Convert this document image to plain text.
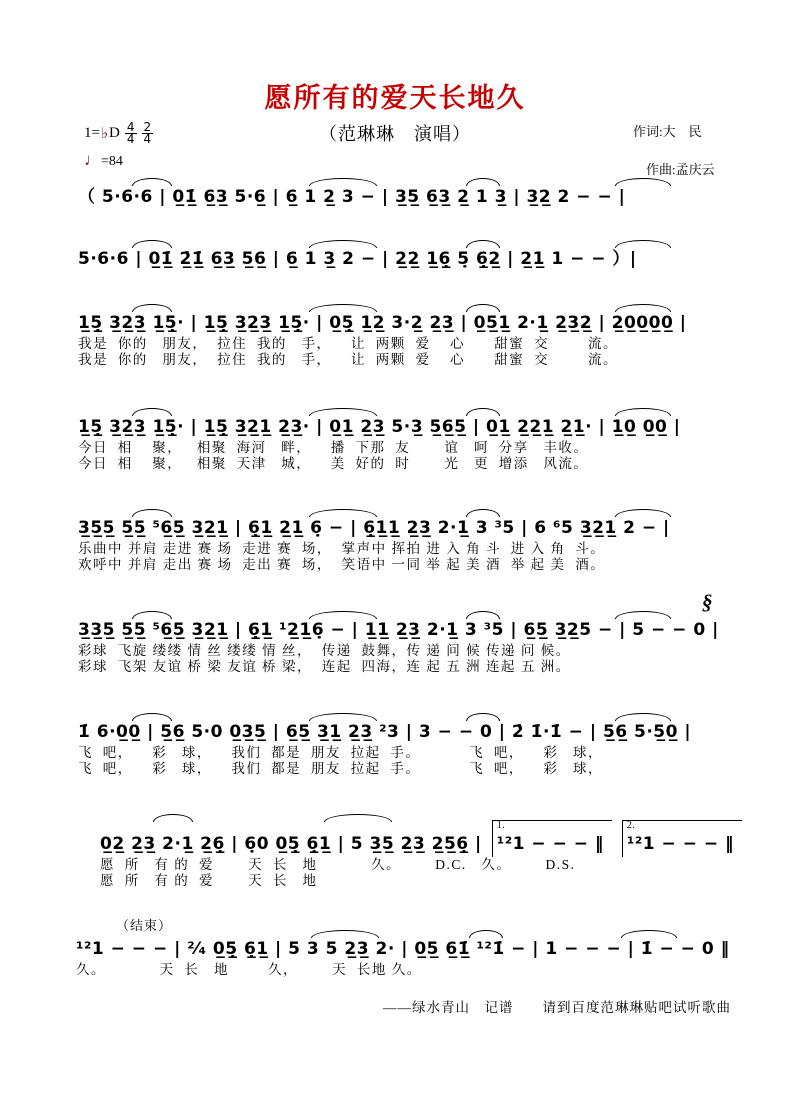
愿所有的爱天长地久
（范琳琳　演唱）	作词:大　民

作曲:孟庆云

1= ♭ D $\frac{4}{4} \frac{2}{4}$
♩=84
（ 5·6·6 | 0̲1̲̇ 6̲3̲ 5·6̲ | 6̲ 1 2̲ 3 − | 3̲5̲ 6̲3̲ 2̲ 1 3̲ | 3̲2̲ 2 − − |
5·6·6 | 0̲1̲̇ 2̲̇1̲̇ 6̲3̲ 5̲6̲ | 6̲ 1 3̲ 2 − | 2̲2̲ 1̲6̣̲ 5̣ 6̣̲2̲ | 2̲1̲ 1 − − ）|
1̲5̣̲ 3̲2̲3̲ 1̲5̣̲· | 1̲5̣̲ 3̲2̲3̲ 1̲5̣̲· | 0̲5̣̲ 1̲2̲ 3·2̲ 2̲3̲ | 0̲5̲1̲ 2·1̲ 2̲3̲2̲ | 2̲0̲0̲0̲0̲ |
我是  你的   朋友，  拉住  我的   手，    让  两颗  爱    心      甜蜜  交        流。
我是  你的   朋友，  拉住  我的   手，    让  两颗  爱    心      甜蜜  交        流。
1̲5̣̲ 3̲2̲3̲ 1̲5̣̲· | 1̲5̣̲ 3̲2̲1̲ 2̲3̲· | 0̲1̲ 2̲3̲ 5·3̲ 5̲6̲5̲ | 0̲1̲ 2̲2̲1̲ 2̲1̲· | 1̲0̲ 0̲0̲ |
今日  相    聚，   相聚  海河   畔，    播  下那  友       谊   呵  分享   丰收。
今日  相    聚，   相聚  天津   城，    美  好的  时       光   更  增添   风流。
3̲5̲5̲ 5̲5̲ ⁵6̲5̲ 3̲2̲1̲ | 6̣̲1̲ 2̲1̲ 6̣ − | 6̣̲1̲1̲ 2̲3̲ 2·1̲ 3 ³5 | 6 ⁶5 3̲2̲1̲ 2 − |
乐曲中 并肩 走进 赛 场  走进 赛  场，  掌声中 挥拍 进 入 角 斗  进 入 角  斗。
欢呼中 并肩 走出 赛 场  走出 赛  场，  笑语中 一同 举 起 美 酒  举 起 美  酒。
3̲3̲5̲ 5̲5̲ ⁵6̲5̲ 3̲2̲1̲ | 6̣̲1̲ ¹2̲1̲6̣ − | 1̲1̲ 2̲3̲ 2·1̲ 3 ³5 | 6̲5̲ 3̲2̲5 − | 5 − − 0 |
彩球  飞旋 缕缕 情 丝 缕缕 情 丝，  传递  鼓舞，传 递 问 候 传递 问 候。
彩球  飞架 友谊 桥 梁 友谊 桥 梁，  连起  四海，连 起 五 洲 连起 五 洲。
1̇ 6·0̲0̲ | 5̲6̲ 5·0 0̲3̲5̲ | 6̲5̲ 3̲1̲ 2̲3̲ ²3 | 3 − − 0 | 2̇ 1̇·1̇ − | 5̲6̲ 5·5̲0̲ |
飞  吧，    彩   球，    我们  都是  朋友  拉起  手。          飞  吧，    彩   球，
飞  吧，    彩   球，    我们  都是  朋友  拉起  手。          飞  吧，    彩   球，
0̲2̲ 2̲3̲ 2·1̲ 2̲6̣̲ | 6̣0 0̲5̣̲ 6̣̲1̲ | 5 3̲5̲ 2̲3̲ 2̲5̲6̣̲ |
1.
¹²1 − − − ‖
2.
¹²1 − − − ‖
愿  所   有 的  爱       天  长   地           久。       D.C.   久。       D.S.
愿  所   有 的  爱       天  长   地
¹²1 − − − | ²⁄₄ 0̲5̣̲ 6̣̲1̲ | 5 3 5 2̲3̲ 2· | 0̲5̲ 6̲1̲̇ ¹²1̇ − | 1 − − − | 1̇ − − 0 ‖
久。           天  长   地        久，       天  长地 久。
§
（结束）
——绿水青山　记谱　　请到百度范琳琳贴吧试听歌曲
